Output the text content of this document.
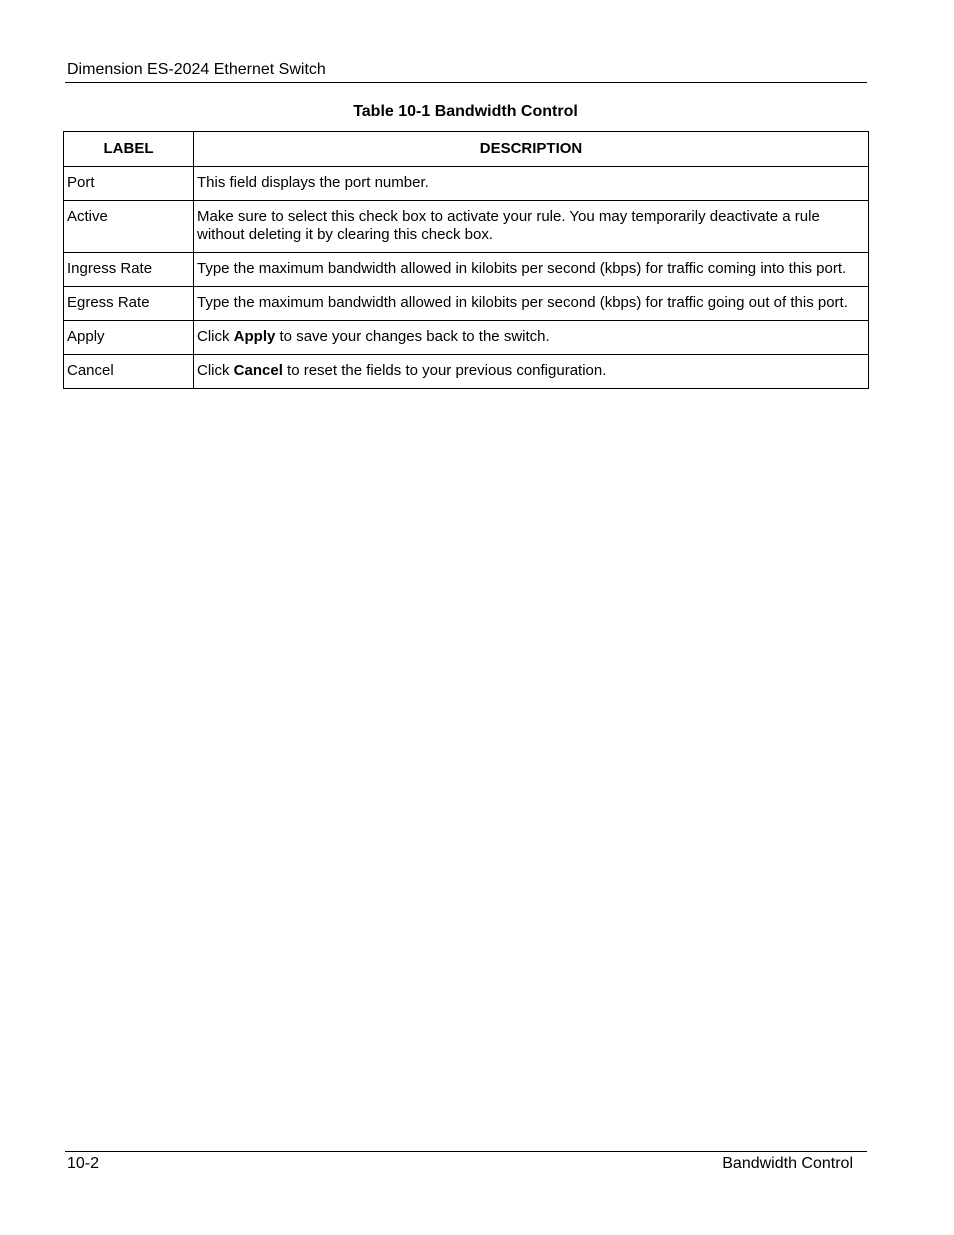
Dimension ES-2024 Ethernet Switch
Table 10-1 Bandwidth Control
LABEL	DESCRIPTION
Port	This field displays the port number.
Active	Make sure to select this check box to activate your rule. You may temporarily deactivate a rule without deleting it by clearing this check box.
Ingress Rate	Type the maximum bandwidth allowed in kilobits per second (kbps) for traffic coming into this port.
Egress Rate	Type the maximum bandwidth allowed in kilobits per second (kbps) for traffic going out of this port.
Apply	Click Apply to save your changes back to the switch.
Cancel	Click Cancel to reset the fields to your previous configuration.
10-2	Bandwidth Control
